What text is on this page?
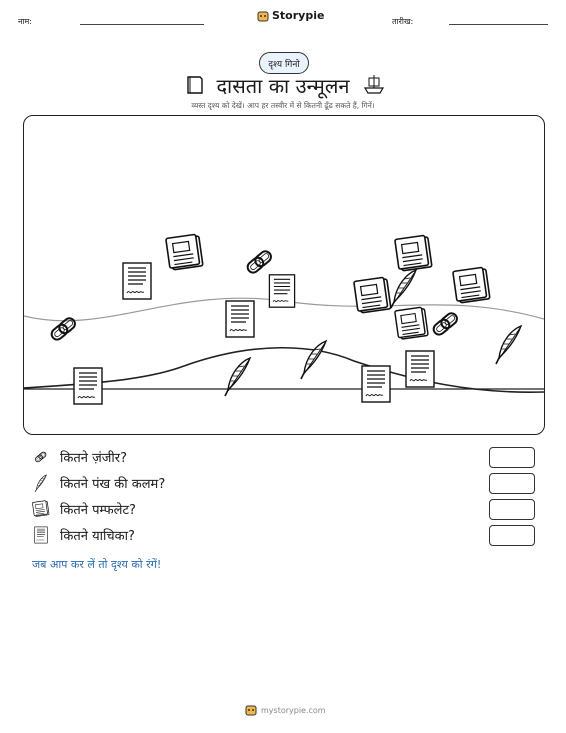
नाम:	Storypie	तारीख:
दृश्य गिनो
दासता का उन्मूलन
व्यस्त दृश्य को देखें। आप हर तस्वीर में से कितनी ढूँढ सकते हैं, गिनें।
कितने ज़ंजीर?
कितने पंख की कलम?
कितने पम्फलेट?
कितने याचिका?
जब आप कर लें तो दृश्य को रंगें!
mystorypie.com
